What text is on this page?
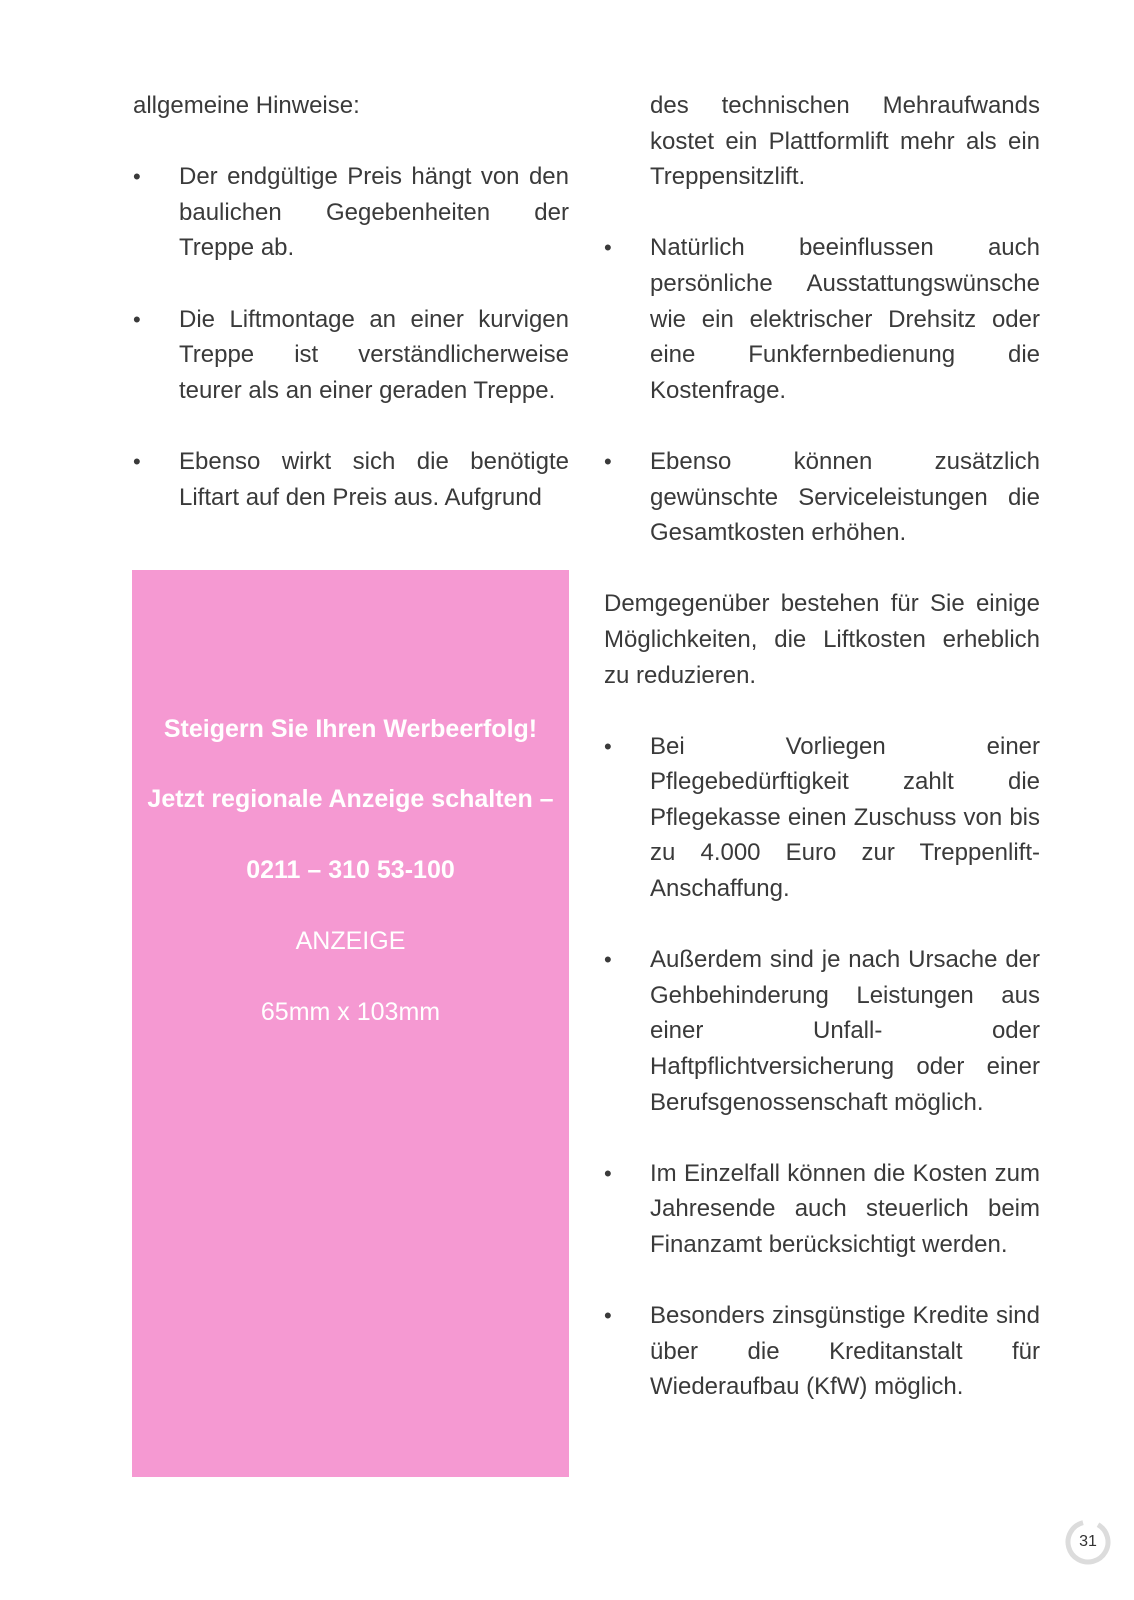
allgemeine Hinweise:

• Der endgültige Preis hängt von den baulichen Gegebenheiten der Treppe ab.
• Die Liftmontage an einer kurvigen Treppe ist verständlicherweise teurer als an einer geraden Treppe.
• Ebenso wirkt sich die benötigte Liftart auf den Preis aus. Aufgrund
Steigern Sie Ihren Werbeerfolg!
Jetzt regionale Anzeige schalten –
0211 – 310 53-100
ANZEIGE
65mm x 103mm

des technischen Mehraufwands kostet ein Plattformlift mehr als ein Treppensitzlift.

• Natürlich beeinflussen auch persönliche Ausstattungswünsche wie ein elektrischer Drehsitz oder eine Funkfernbedienung die Kostenfrage.
• Ebenso können zusätzlich gewünschte Serviceleistungen die Gesamtkosten erhöhen.

Demgegenüber bestehen für Sie einige Möglichkeiten, die Liftkosten erheblich zu reduzieren.

• Bei Vorliegen einer Pflegebedürftigkeit zahlt die Pflegekasse einen Zuschuss von bis zu 4.000 Euro zur Treppenlift-Anschaffung.
• Außerdem sind je nach Ursache der Gehbehinderung Leistungen aus einer Unfall- oder Haftpflichtversicherung oder einer Berufsgenossenschaft möglich.
• Im Einzelfall können die Kosten zum Jahresende auch steuerlich beim Finanzamt berücksichtigt werden.
• Besonders zinsgünstige Kredite sind über die Kreditanstalt für Wiederaufbau (KfW) möglich.
31
